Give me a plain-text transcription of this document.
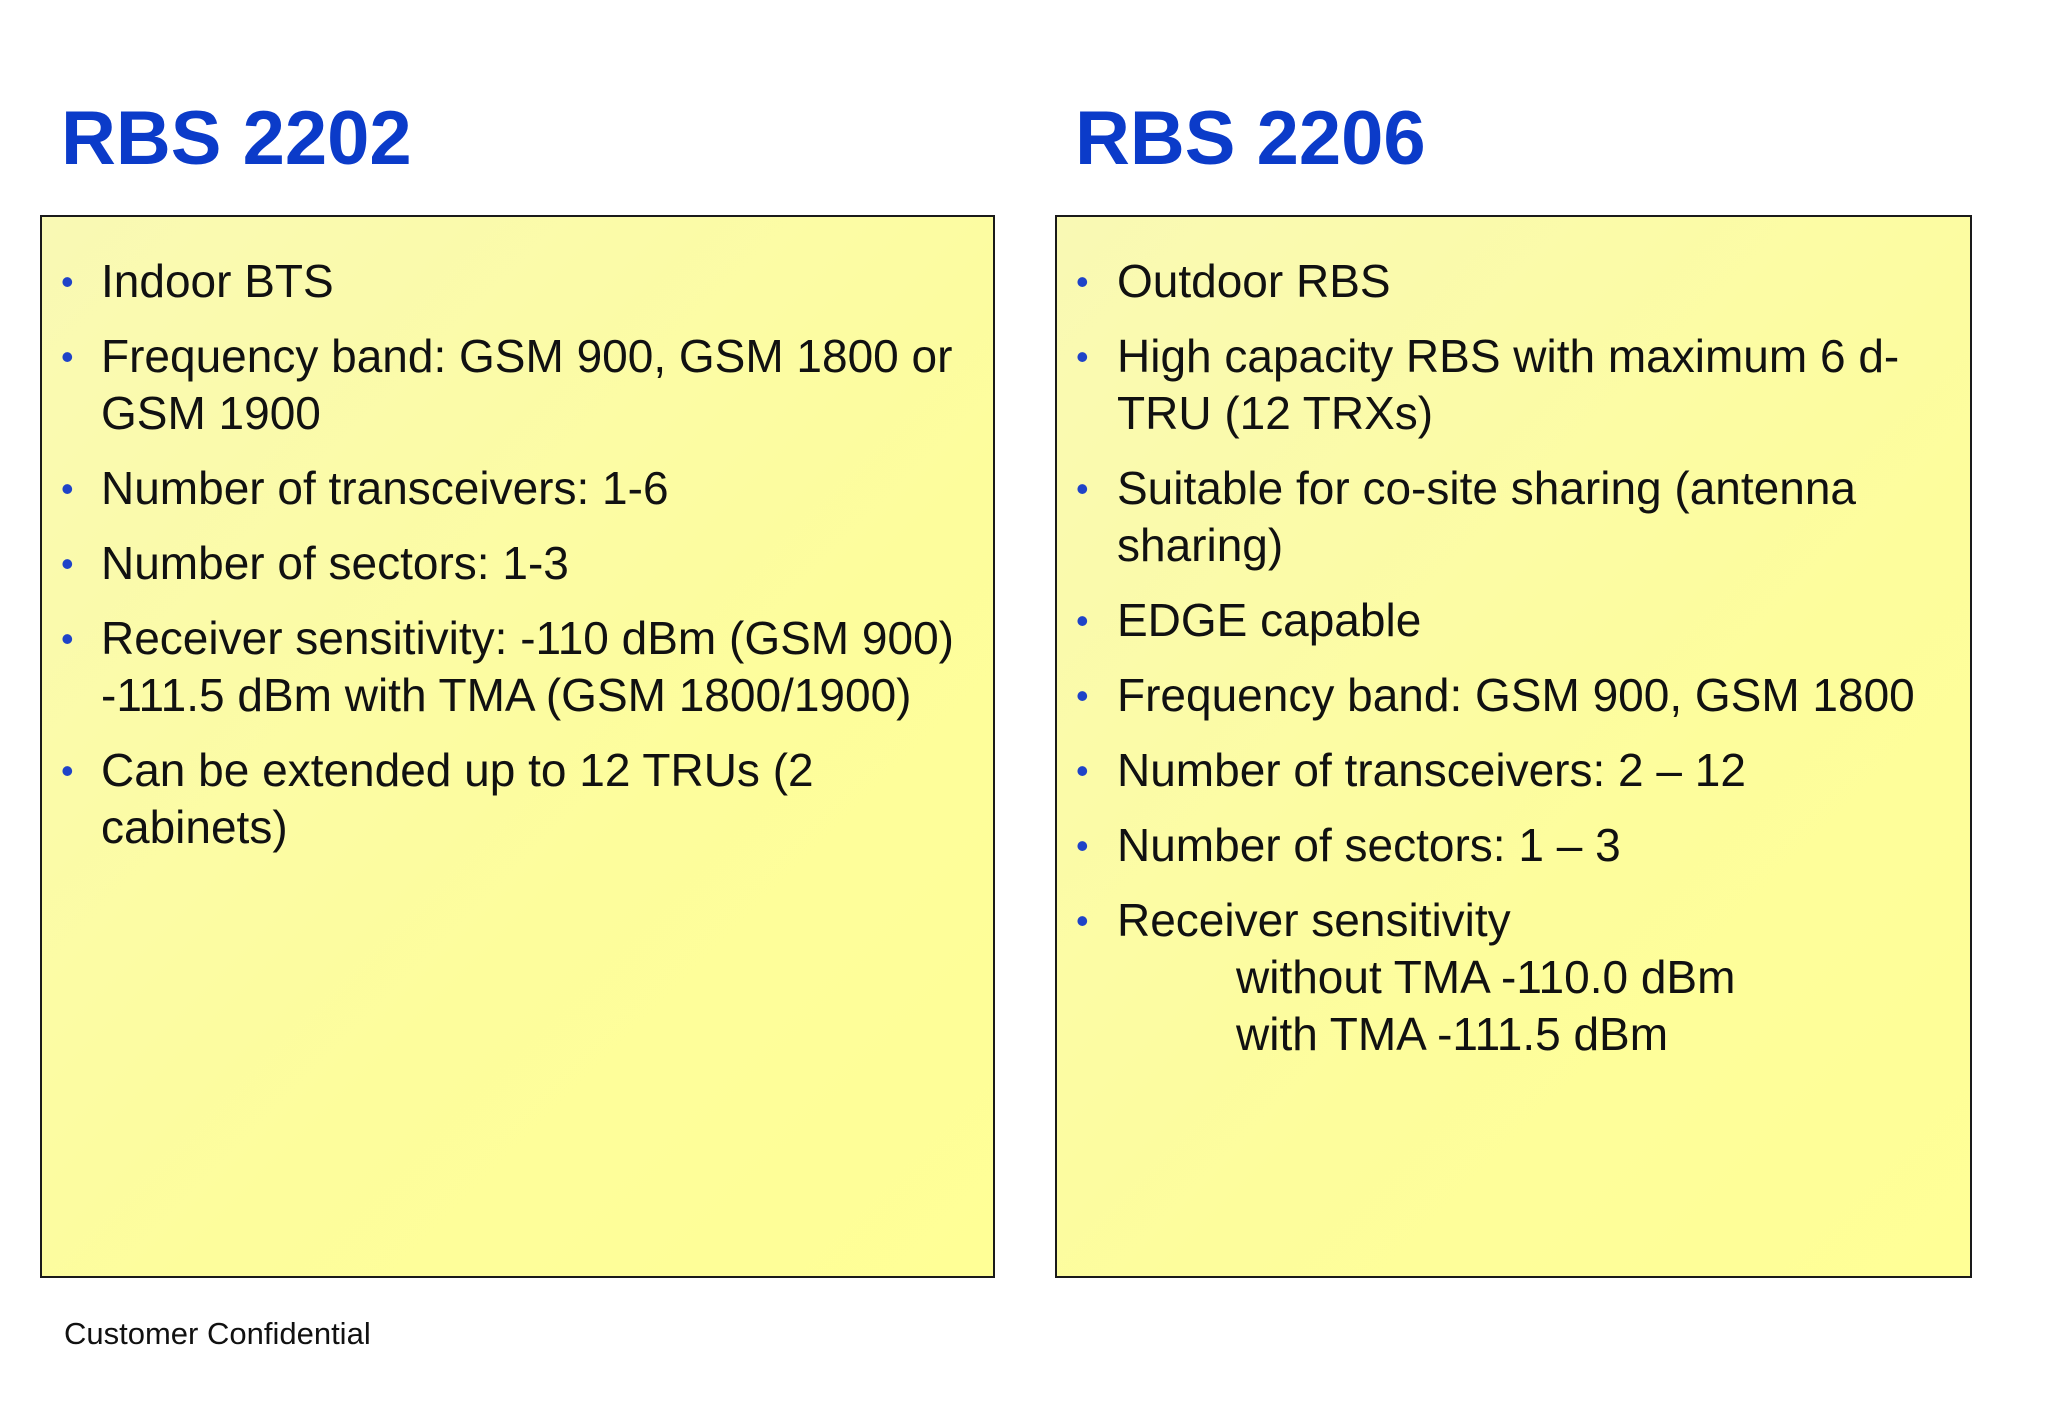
RBS 2202	RBS 2206
• Indoor BTS
• Frequency band: GSM 900, GSM 1800 or
GSM 1900
• Number of transceivers: 1-6
• Number of sectors: 1-3
• Receiver sensitivity: -110 dBm (GSM 900)
-111.5 dBm with TMA (GSM 1800/1900)
• Can be extended up to 12 TRUs (2
cabinets)
• Outdoor RBS
• High capacity RBS with maximum 6 d-
TRU (12 TRXs)
• Suitable for co-site sharing (antenna
sharing)
• EDGE capable
• Frequency band: GSM 900, GSM 1800
• Number of transceivers: 2 – 12
• Number of sectors: 1 – 3
• Receiver sensitivity
without TMA -110.0 dBm
with TMA -111.5 dBm
Customer Confidential
